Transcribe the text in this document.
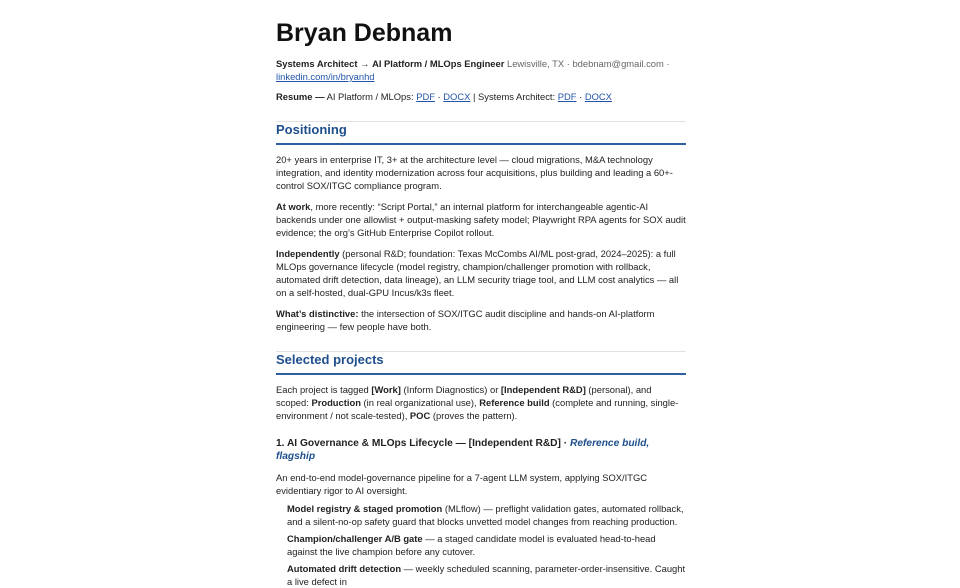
Bryan Debnam
Systems Architect → AI Platform / MLOps Engineer Lewisville, TX · bdebnam@gmail.com ·
linkedin.com/in/bryanhd
Resume — AI Platform / MLOps: PDF · DOCX | Systems Architect: PDF · DOCX
Positioning

20+ years in enterprise IT, 3+ at the architecture level — cloud migrations, M&A technology integration, and identity modernization across four acquisitions, plus building and leading a 60+-control SOX/ITGC compliance program.

At work, more recently: “Script Portal,” an internal platform for interchangeable agentic-AI backends under one allowlist + output-masking safety model; Playwright RPA agents for SOX audit evidence; the org’s GitHub Enterprise Copilot rollout.

Independently (personal R&D; foundation: Texas McCombs AI/ML post-grad, 2024–2025): a full MLOps governance lifecycle (model registry, champion/challenger promotion with rollback, automated drift detection, data lineage), an LLM security triage tool, and LLM cost analytics — all on a self-hosted, dual-GPU Incus/k3s fleet.

What’s distinctive: the intersection of SOX/ITGC audit discipline and hands-on AI-platform engineering — few people have both.

Selected projects

Each project is tagged [Work] (Inform Diagnostics) or [Independent R&D] (personal), and scoped: Production (in real organizational use), Reference build (complete and running, single-environment / not scale-tested), POC (proves the pattern).

1. AI Governance & MLOps Lifecycle — [Independent R&D] · Reference build, flagship

An end-to-end model-governance pipeline for a 7-agent LLM system, applying SOX/ITGC evidentiary rigor to AI oversight.

Model registry & staged promotion (MLflow) — preflight validation gates, automated rollback, and a silent-no-op safety guard that blocks unvetted model changes from reaching production.
Champion/challenger A/B gate — a staged candidate model is evaluated head-to-head against the live champion before any cutover.
Automated drift detection — weekly scheduled scanning, parameter-order-insensitive. Caught a live defect in
